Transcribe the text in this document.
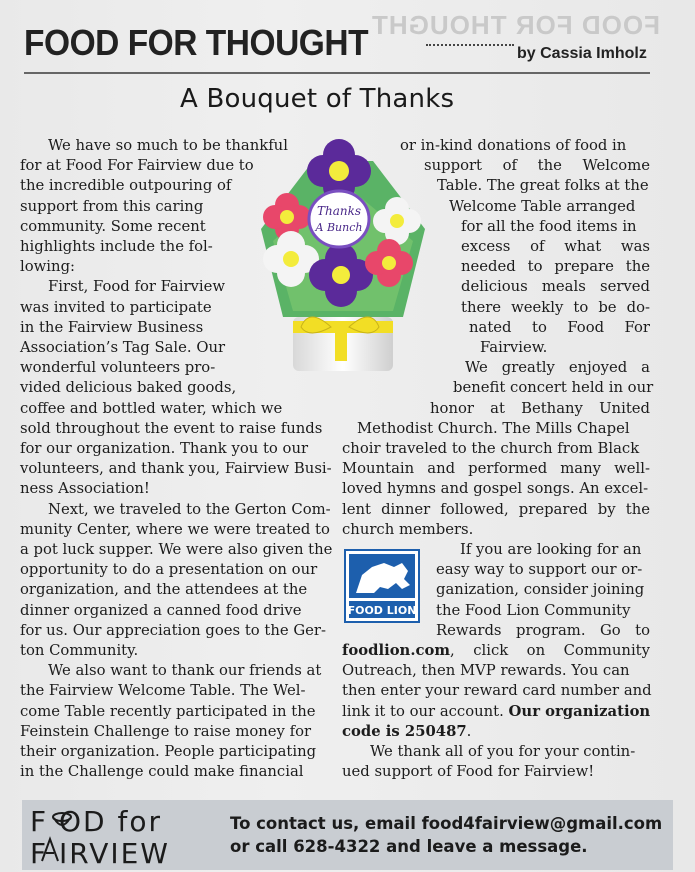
FOOD FOR THOUGHT
FOOD FOR THOUGHT	by Cassia Imholz
A Bouquet of Thanks
Thanks
A Bunch
FOOD LION
We have so much to be thankful
for at Food For Fairview due to
the incredible outpouring of
support from this caring
community. Some recent
highlights include the fol-
lowing:
First, Food for Fairview
was invited to participate
in the Fairview Business
Association’s Tag Sale. Our
wonderful volunteers pro-
vided delicious baked goods,
coffee and bottled water, which we
sold throughout the event to raise funds
for our organization. Thank you to our
volunteers, and thank you, Fairview Busi-
ness Association!
Next, we traveled to the Gerton Com-
munity Center, where we were treated to
a pot luck supper. We were also given the
opportunity to do a presentation on our
organization, and the attendees at the
dinner organized a canned food drive
for us. Our appreciation goes to the Ger-
ton Community.
We also want to thank our friends at
the Fairview Welcome Table. The Wel-
come Table recently participated in the
Feinstein Challenge to raise money for
their organization. People participating
in the Challenge could make financial
or in-kind donations of food in
support of the Welcome
Table. The great folks at the
Welcome Table arranged
for all the food items in
excess of what was
needed to prepare the
delicious meals served
there weekly to be do-
nated to Food For
Fairview.
We greatly enjoyed a
benefit concert held in our
honor at Bethany United
Methodist Church. The Mills Chapel
choir traveled to the church from Black
Mountain and performed many well-
loved hymns and gospel songs. An excel-
lent dinner followed, prepared by the
church members.
If you are looking for an
easy way to support our or-
ganization, consider joining
the Food Lion Community
Rewards program. Go to
foodlion.com, click on Community
Outreach, then MVP rewards. You can
then enter your reward card number and
link it to our account. Our organization
code is 250487.
We thank all of you for your contin-
ued support of Food for Fairview!
F OD for
F IRVIEW
To contact us, email food4fairview@gmail.com
or call 628-4322 and leave a message.
